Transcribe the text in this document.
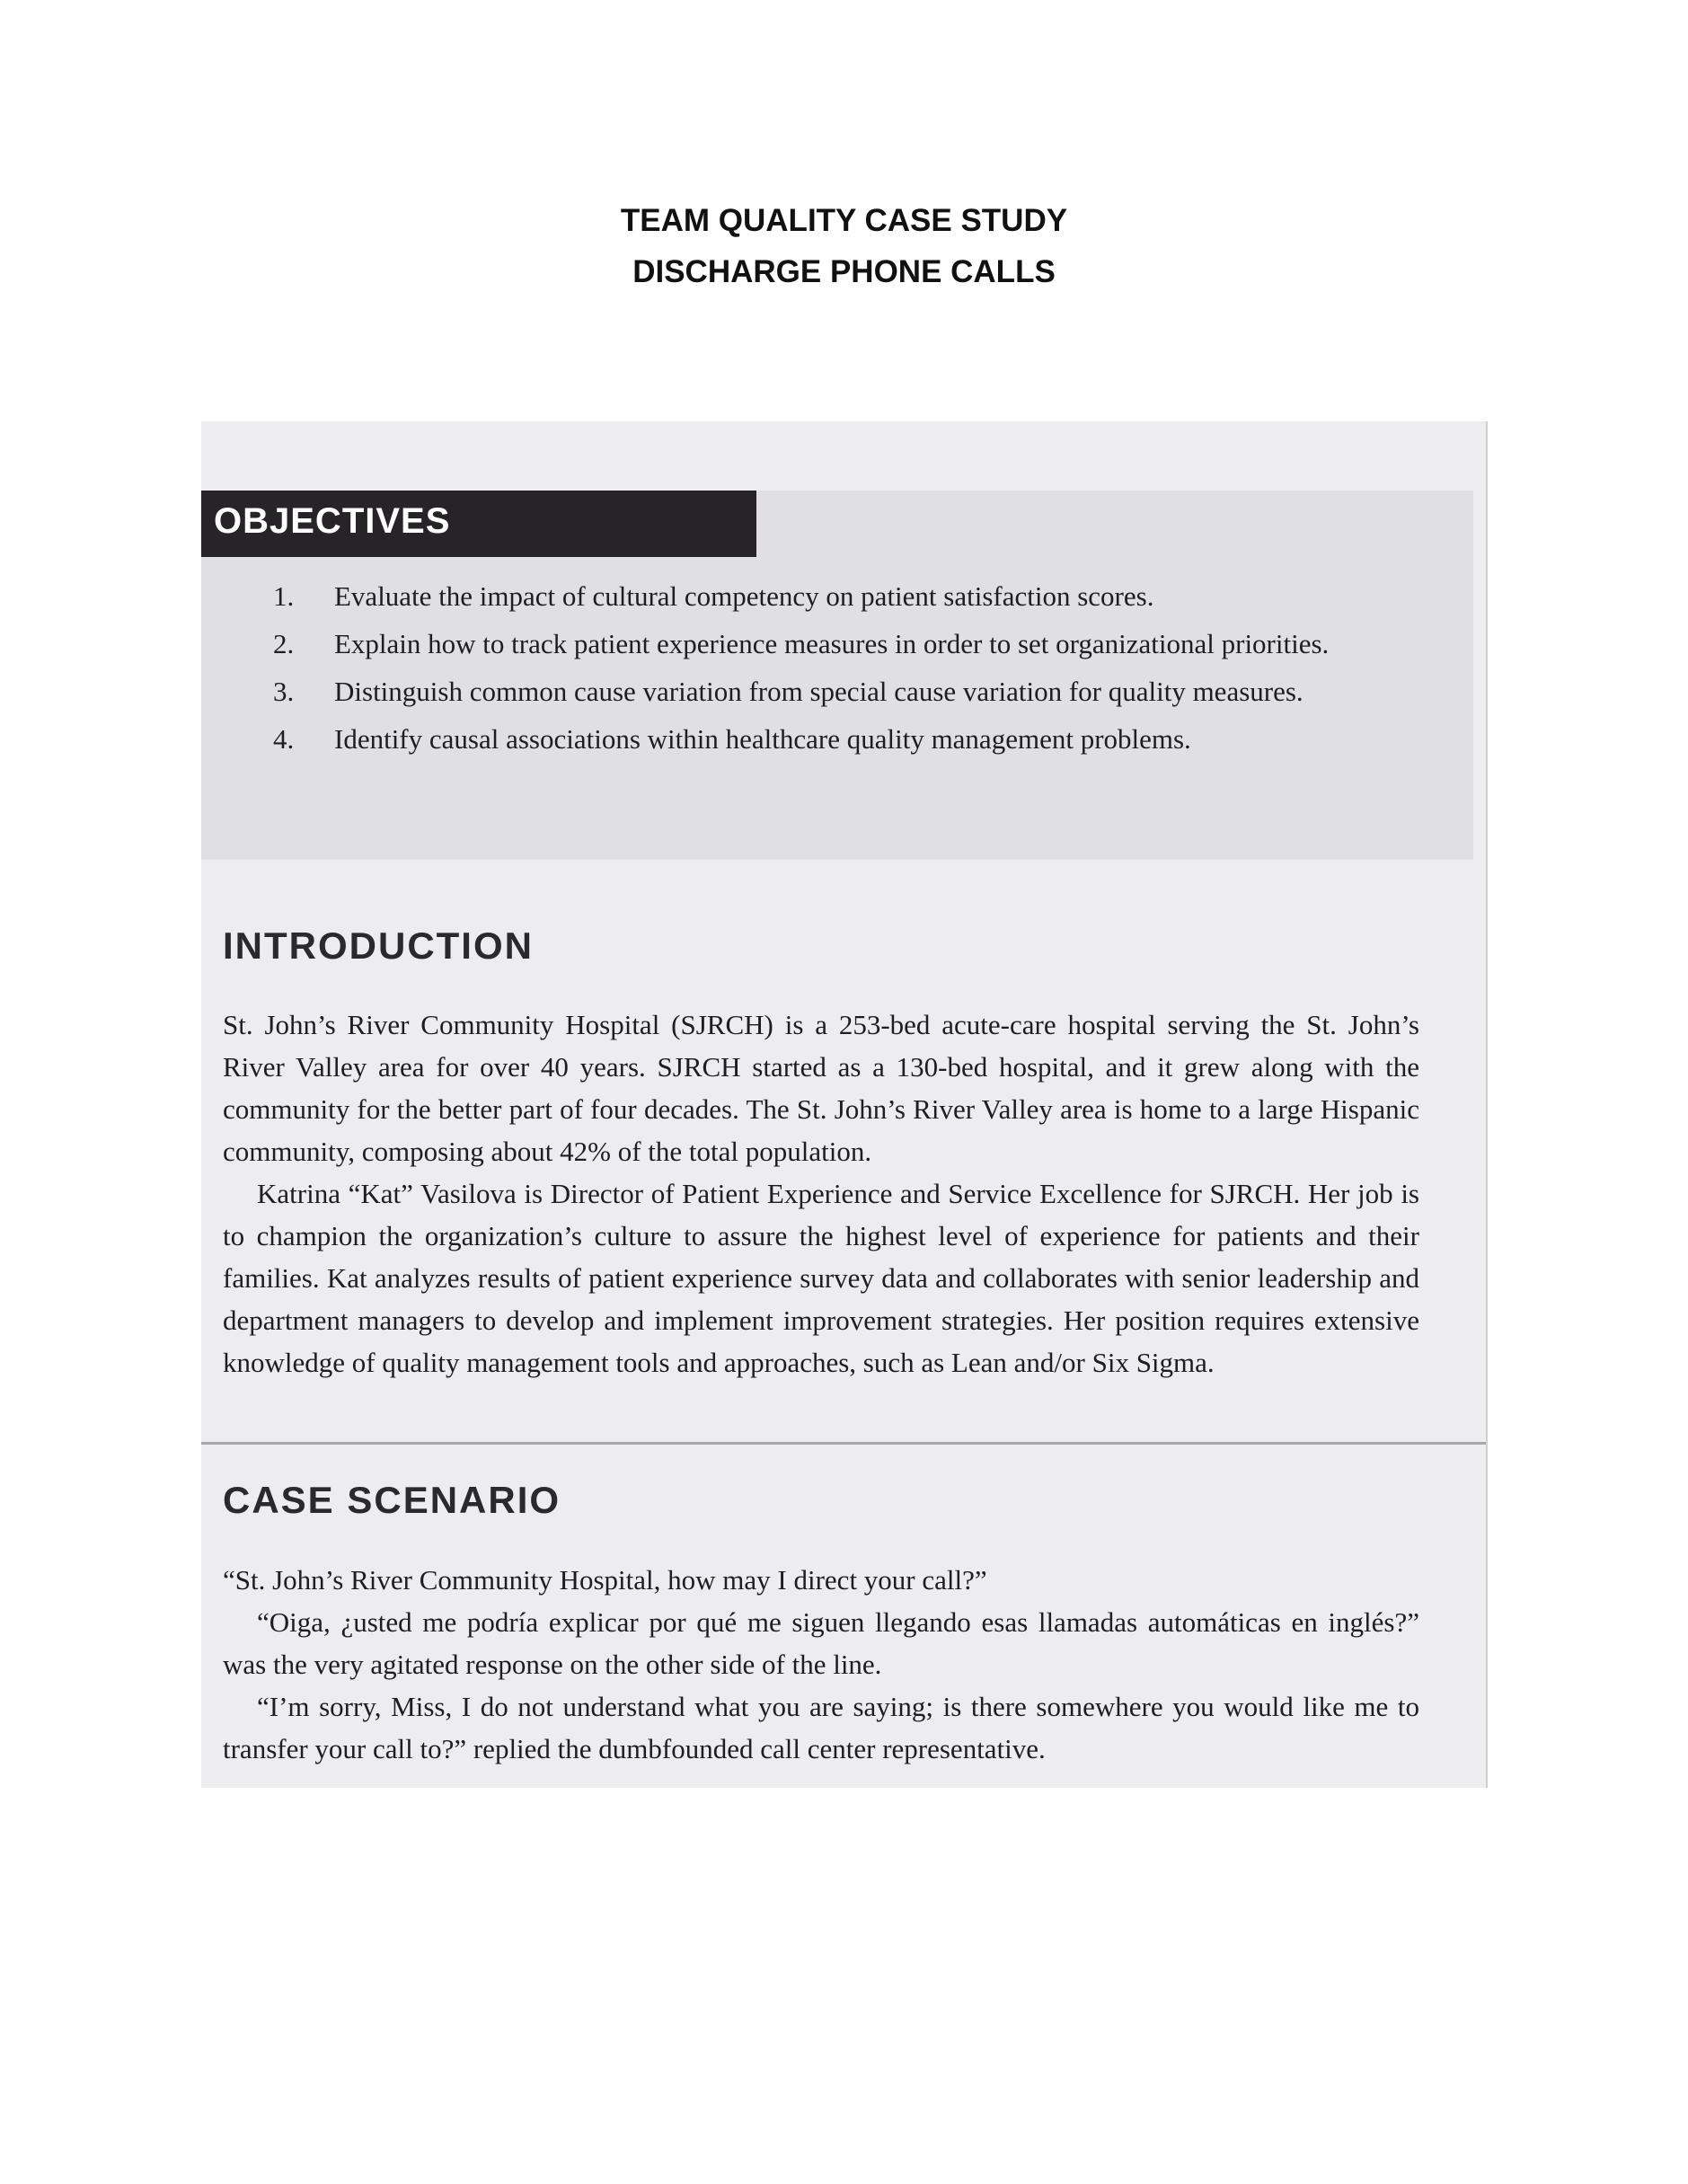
TEAM QUALITY CASE STUDY
DISCHARGE PHONE CALLS
OBJECTIVES
1. Evaluate the impact of cultural competency on patient satisfaction scores.
2. Explain how to track patient experience measures in order to set organizational priorities.
3. Distinguish common cause variation from special cause variation for quality measures.
4. Identify causal associations within healthcare quality management problems.
INTRODUCTION

St. John’s River Community Hospital (SJRCH) is a 253-bed acute-care hospital serving the St. John’s River Valley area for over 40 years. SJRCH started as a 130-bed hospital, and it grew along with the community for the better part of four decades. The St. John’s River Valley area is home to a large Hispanic community, composing about 42% of the total population.

Katrina “Kat” Vasilova is Director of Patient Experience and Service Excellence for SJRCH. Her job is to champion the organization’s culture to assure the highest level of experience for patients and their families. Kat analyzes results of patient experience survey data and collaborates with senior leadership and department managers to develop and implement improvement strategies. Her position requires extensive knowledge of quality management tools and approaches, such as Lean and/or Six Sigma.

CASE SCENARIO

“St. John’s River Community Hospital, how may I direct your call?”

“Oiga, ¿usted me podría explicar por qué me siguen llegando esas llamadas automáticas en inglés?” was the very agitated response on the other side of the line.

“I’m sorry, Miss, I do not understand what you are saying; is there somewhere you would like me to transfer your call to?” replied the dumbfounded call center representative.
